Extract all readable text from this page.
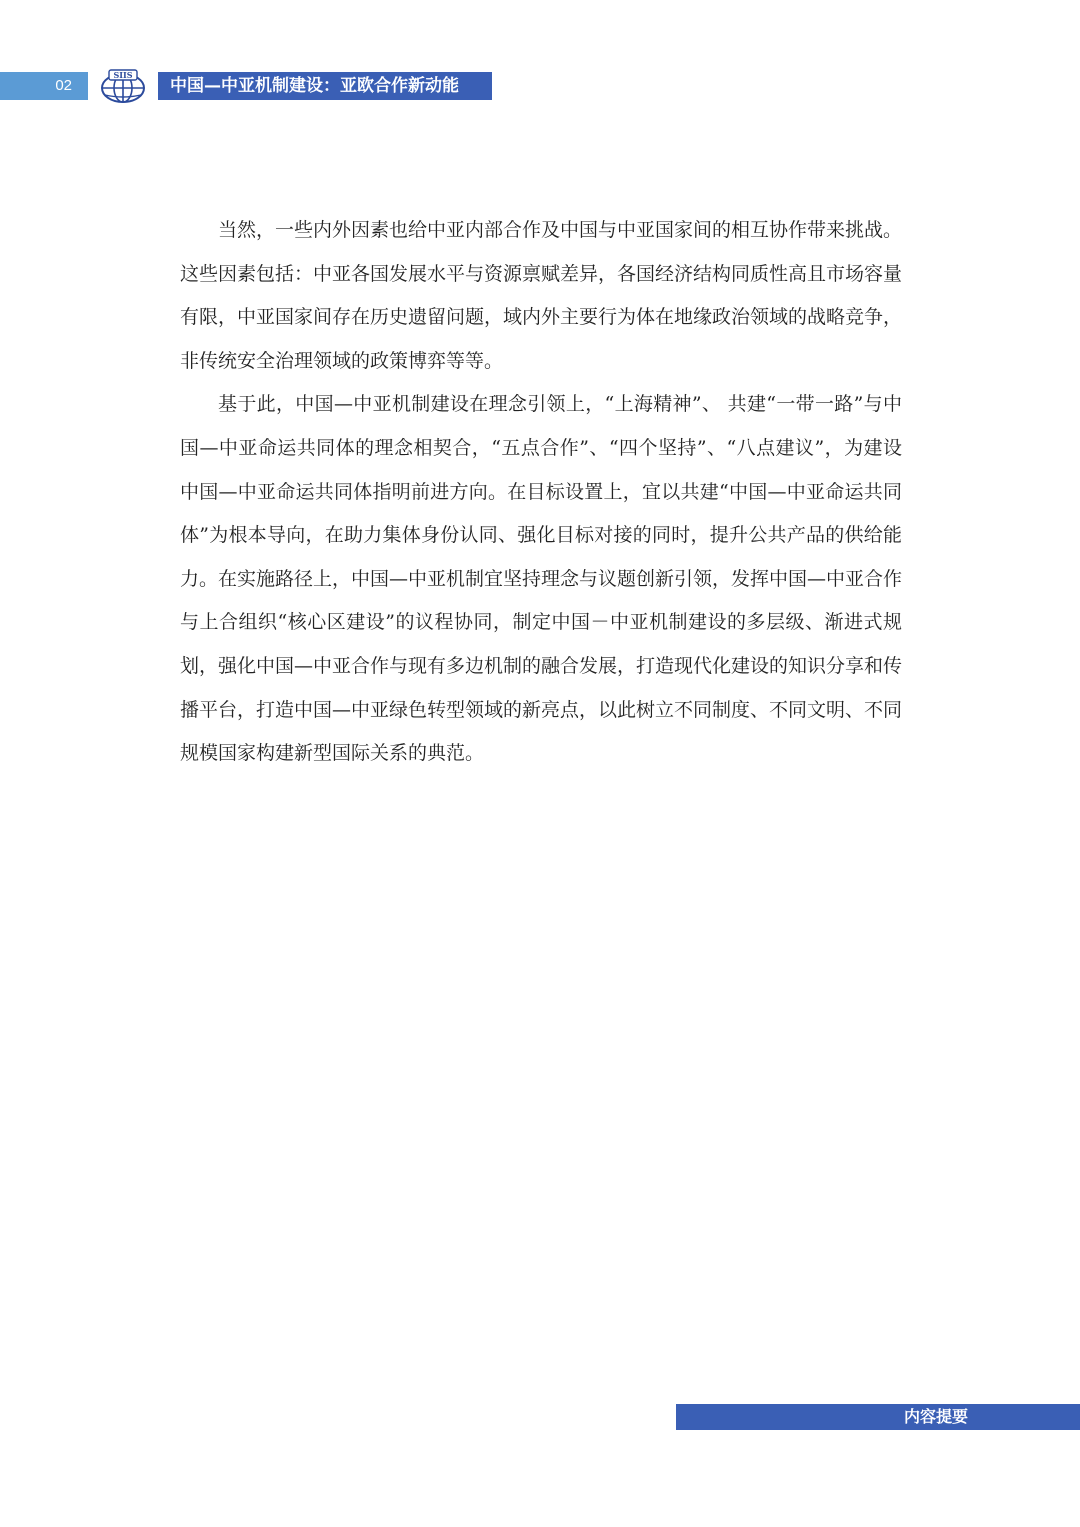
02
SIIS
中国—中亚机制建设：亚欧合作新动能

当然，一些内外因素也给中亚内部合作及中国与中亚国家间的相互协作带来挑战。这些因素包括：中亚各国发展水平与资源禀赋差异，各国经济结构同质性高且市场容量有限，中亚国家间存在历史遗留问题，域内外主要行为体在地缘政治领域的战略竞争，非传统安全治理领域的政策博弈等等。

基于此，中国—中亚机制建设在理念引领上，“上海精神”、 共建“一带一路”与中国—中亚命运共同体的理念相契合，“五点合作”、“四个坚持”、“八点建议”，为建设中国—中亚命运共同体指明前进方向。在目标设置上，宜以共建“中国—中亚命运共同体”为根本导向，在助力集体身份认同、强化目标对接的同时，提升公共产品的供给能力。在实施路径上，中国—中亚机制宜坚持理念与议题创新引领，发挥中国—中亚合作与上合组织“核心区建设”的议程协同，制定中国－中亚机制建设的多层级、渐进式规划，强化中国—中亚合作与现有多边机制的融合发展，打造现代化建设的知识分享和传播平台，打造中国—中亚绿色转型领域的新亮点，以此树立不同制度、不同文明、不同规模国家构建新型国际关系的典范。

内容提要
